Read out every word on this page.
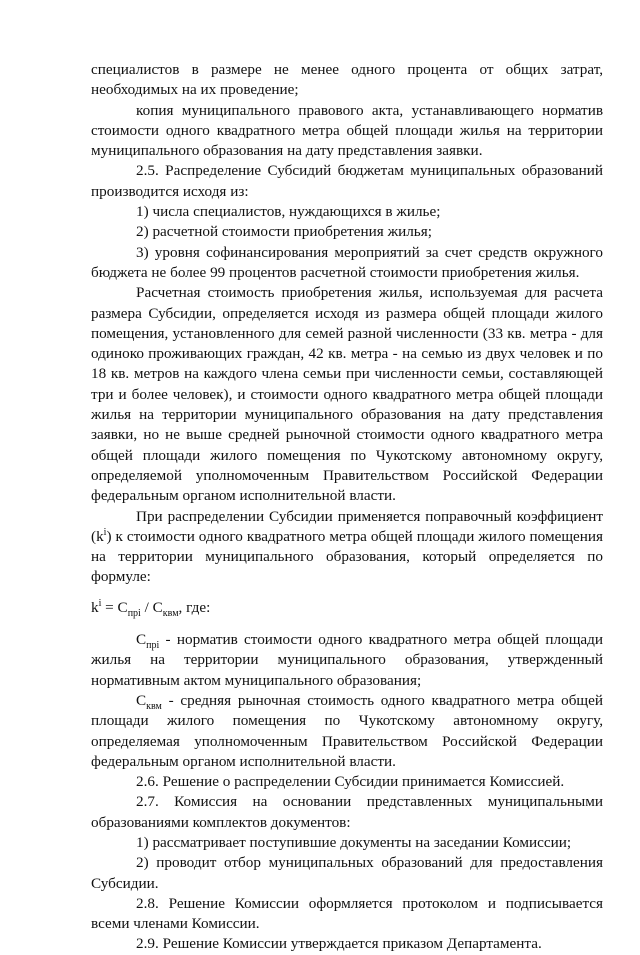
специалистов в размере не менее одного процента от общих затрат, необходимых на их проведение;

копия муниципального правового акта, устанавливающего норматив стоимости одного квадратного метра общей площади жилья на территории муниципального образования на дату представления заявки.

2.5. Распределение Субсидий бюджетам муниципальных образований производится исходя из:

1) числа специалистов, нуждающихся в жилье;

2) расчетной стоимости приобретения жилья;

3) уровня софинансирования мероприятий за счет средств окружного бюджета не более 99 процентов расчетной стоимости приобретения жилья.

Расчетная стоимость приобретения жилья, используемая для расчета размера Субсидии, определяется исходя из размера общей площади жилого помещения, установленного для семей разной численности (33 кв. метра - для одиноко проживающих граждан, 42 кв. метра - на семью из двух человек и по 18 кв. метров на каждого члена семьи при численности семьи, составляющей три и более человек), и стоимости одного квадратного метра общей площади жилья на территории муниципального образования на дату представления заявки, но не выше средней рыночной стоимости одного квадратного метра общей площади жилого помещения по Чукотскому автономному округу, определяемой уполномоченным Правительством Российской Федерации федеральным органом исполнительной власти.

При распределении Субсидии применяется поправочный коэффициент $(k^i)$ к стоимости одного квадратного метра общей площади жилого помещения на территории муниципального образования, который определяется по формуле:

$k^i = С_{прi} / С_{квм}$, где:

$С_{прi}$ - норматив стоимости одного квадратного метра общей площади жилья на территории муниципального образования, утвержденный нормативным актом муниципального образования;

$С_{квм}$ - средняя рыночная стоимость одного квадратного метра общей площади жилого помещения по Чукотскому автономному округу, определяемая уполномоченным Правительством Российской Федерации федеральным органом исполнительной власти.

2.6. Решение о распределении Субсидии принимается Комиссией.

2.7. Комиссия на основании представленных муниципальными образованиями комплектов документов:

1) рассматривает поступившие документы на заседании Комиссии;

2) проводит отбор муниципальных образований для предоставления Субсидии.

2.8. Решение Комиссии оформляется протоколом и подписывается всеми членами Комиссии.

2.9. Решение Комиссии утверждается приказом Департамента.
